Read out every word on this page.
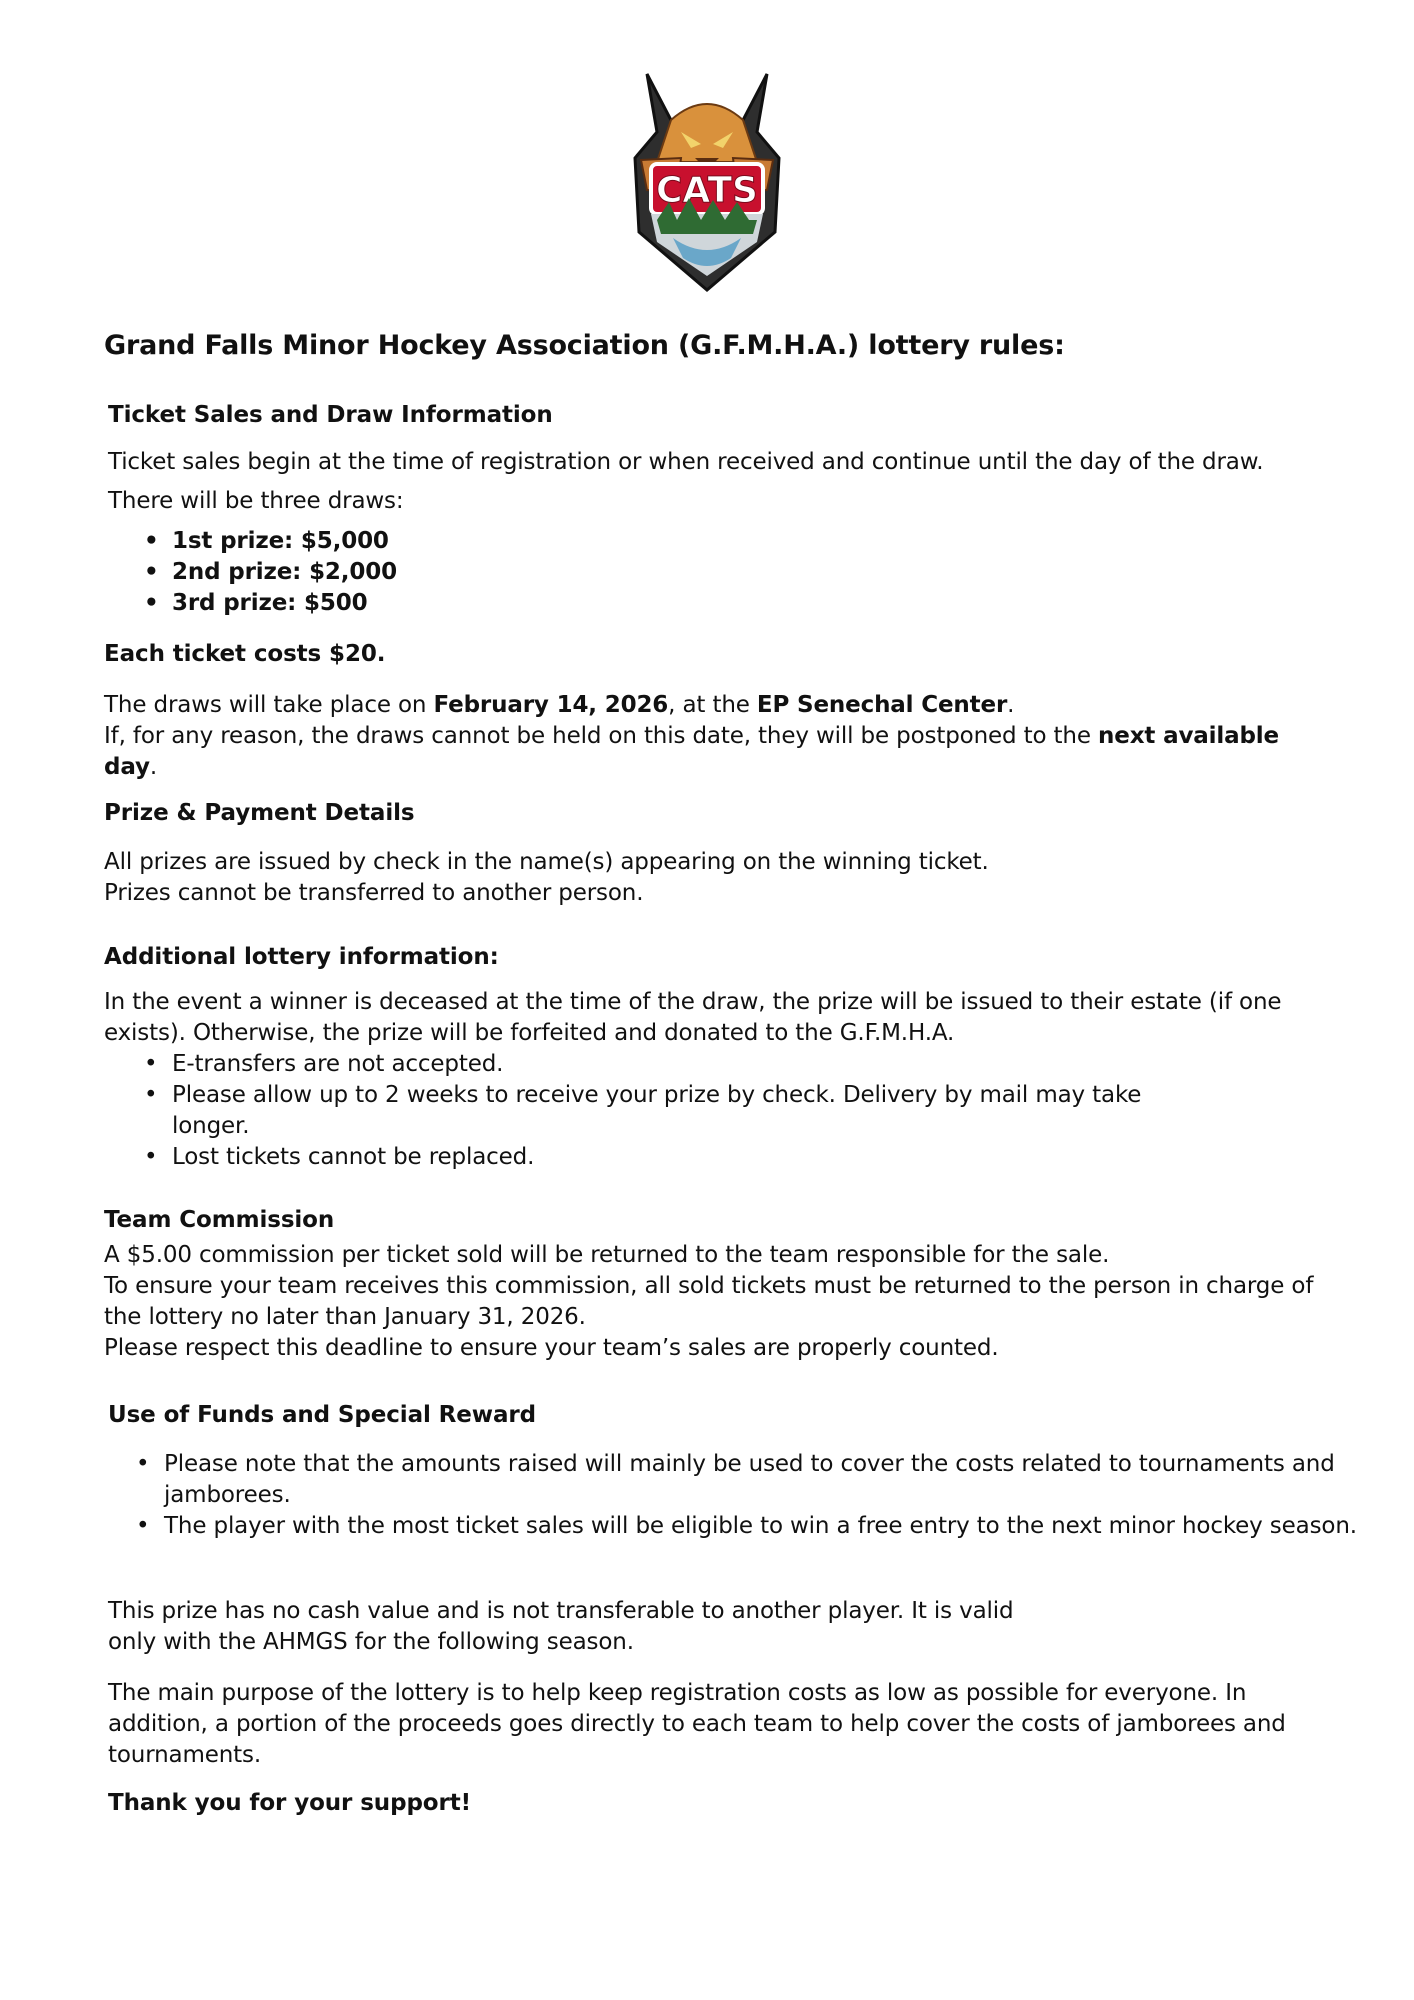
CATS
Grand Falls Minor Hockey Association (G.F.M.H.A.) lottery rules:
Ticket Sales and Draw Information

Ticket sales begin at the time of registration or when received and continue until the day of the draw.

There will be three draws:

• 1st prize: $5,000
• 2nd prize: $2,000
• 3rd prize: $500
Each ticket costs $20.

The draws will take place on February 14, 2026, at the EP Senechal Center.
If, for any reason, the draws cannot be held on this date, they will be postponed to the next available day.

Prize & Payment Details

All prizes are issued by check in the name(s) appearing on the winning ticket.

Prizes cannot be transferred to another person.

Additional lottery information:

In the event a winner is deceased at the time of the draw, the prize will be issued to their estate (if one exists). Otherwise, the prize will be forfeited and donated to the G.F.M.H.A.

• E-transfers are not accepted.
• Please allow up to 2 weeks to receive your prize by check. Delivery by mail may take longer.
• Lost tickets cannot be replaced.
Team Commission

A $5.00 commission per ticket sold will be returned to the team responsible for the sale.

To ensure your team receives this commission, all sold tickets must be returned to the person in charge of the lottery no later than January 31, 2026.

Please respect this deadline to ensure your team’s sales are properly counted.

Use of Funds and Special Reward
• Please note that the amounts raised will mainly be used to cover the costs related to tournaments and jamborees.
• The player with the most ticket sales will be eligible to win a free entry to the next minor hockey season.

This prize has no cash value and is not transferable to another player. It is valid only with the AHMGS for the following season.

The main purpose of the lottery is to help keep registration costs as low as possible for everyone. In addition, a portion of the proceeds goes directly to each team to help cover the costs of jamborees and tournaments.

Thank you for your support!
